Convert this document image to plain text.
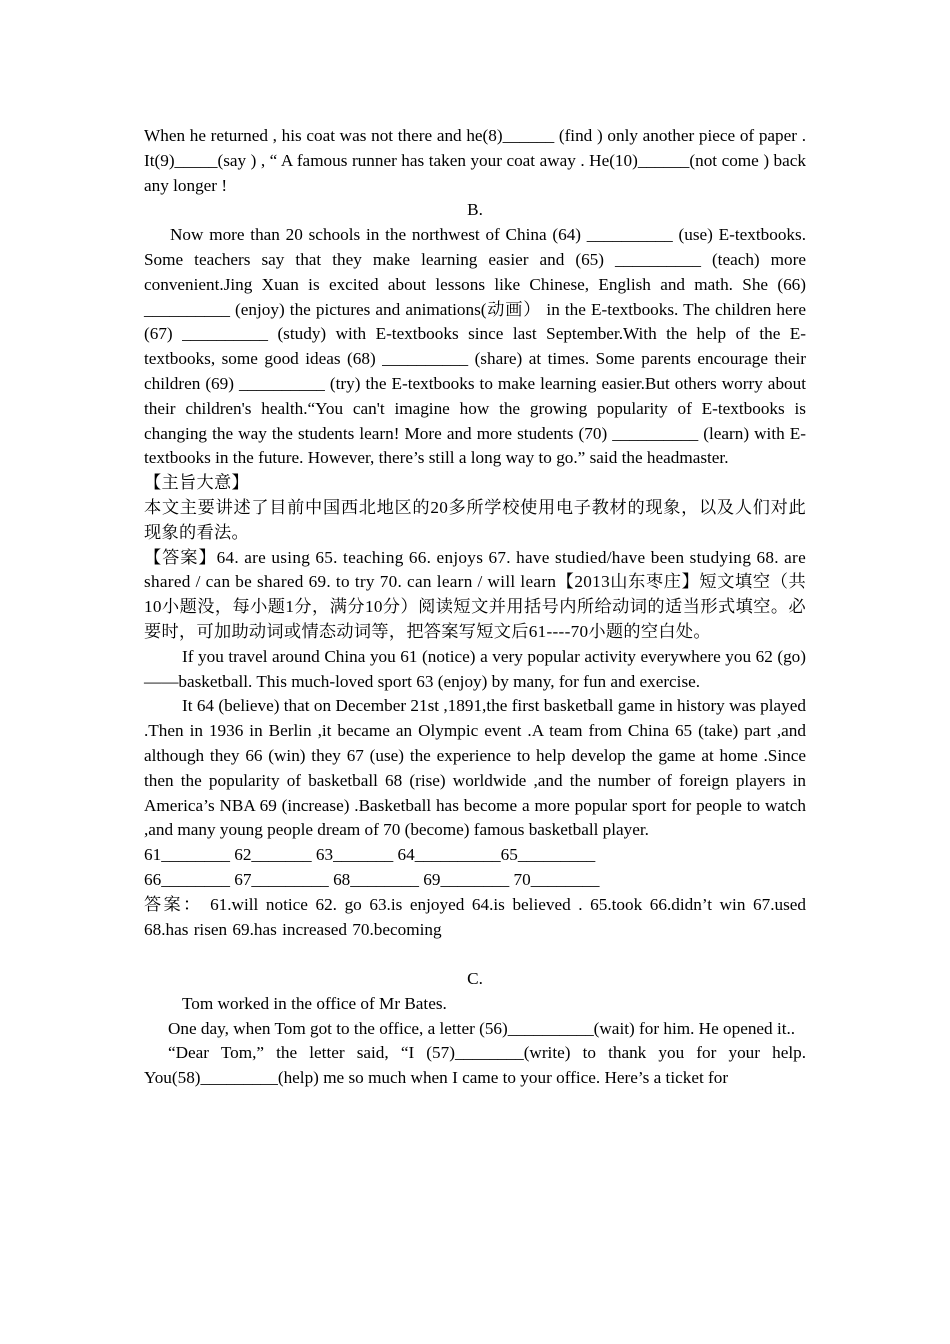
When he returned , his coat was not there and he(8)______ (find ) only another piece of paper . It(9)_____(say ) , “ A famous runner has taken your coat away . He(10)______(not come ) back any longer !

B.

Now more than 20 schools in the northwest of China (64) __________ (use) E-textbooks. Some teachers say that they make learning easier and (65) __________ (teach) more convenient.Jing Xuan is excited about lessons like Chinese, English and math. She (66) __________ (enjoy) the pictures and animations(动画） in the E-textbooks. The children here (67) __________ (study) with E-textbooks since last September.With the help of the E-textbooks, some good ideas (68) __________ (share) at times. Some parents encourage their children (69) __________ (try) the E-textbooks to make learning easier.But others worry about their children's health.“You can't imagine how the growing popularity of E-textbooks is changing the way the students learn! More and more students (70) __________ (learn) with E-textbooks in the future. However, there’s still a long way to go.” said the headmaster.

【主旨大意】

本文主要讲述了目前中国西北地区的20多所学校使用电子教材的现象，以及人们对此现象的看法。

【答案】64. are using 65. teaching 66. enjoys 67. have studied/have been studying 68. are shared / can be shared 69. to try 70. can learn / will learn【2013山东枣庄】短文填空（共10小题没，每小题1分，满分10分）阅读短文并用括号内所给动词的适当形式填空。必要时，可加助动词或情态动词等，把答案写短文后61----70小题的空白处。

If you travel around China you 61 (notice) a very popular activity everywhere you 62 (go)——basketball. This much-loved sport 63 (enjoy) by many, for fun and exercise.

It 64 (believe) that on December 21st ,1891,the first basketball game in history was played .Then in 1936 in Berlin ,it became an Olympic event .A team from China 65 (take) part ,and although they 66 (win) they 67 (use) the experience to help develop the game at home .Since then the popularity of basketball 68 (rise) worldwide ,and the number of foreign players in America’s NBA 69 (increase) .Basketball has become a more popular sport for people to watch ,and many young people dream of 70 (become) famous basketball player.

61________ 62_______ 63_______ 64__________65_________

66________ 67_________ 68________ 69________ 70________

答案： 61.will notice 62. go 63.is enjoyed 64.is believed . 65.took 66.didn’t win 67.used 68.has risen 69.has increased 70.becoming

C.

Tom worked in the office of Mr Bates.

One day, when Tom got to the office, a letter (56)__________(wait) for him. He opened it..

“Dear Tom,” the letter said, “I (57)________(write) to thank you for your help. You(58)_________(help) me so much when I came to your office. Here’s a ticket for
